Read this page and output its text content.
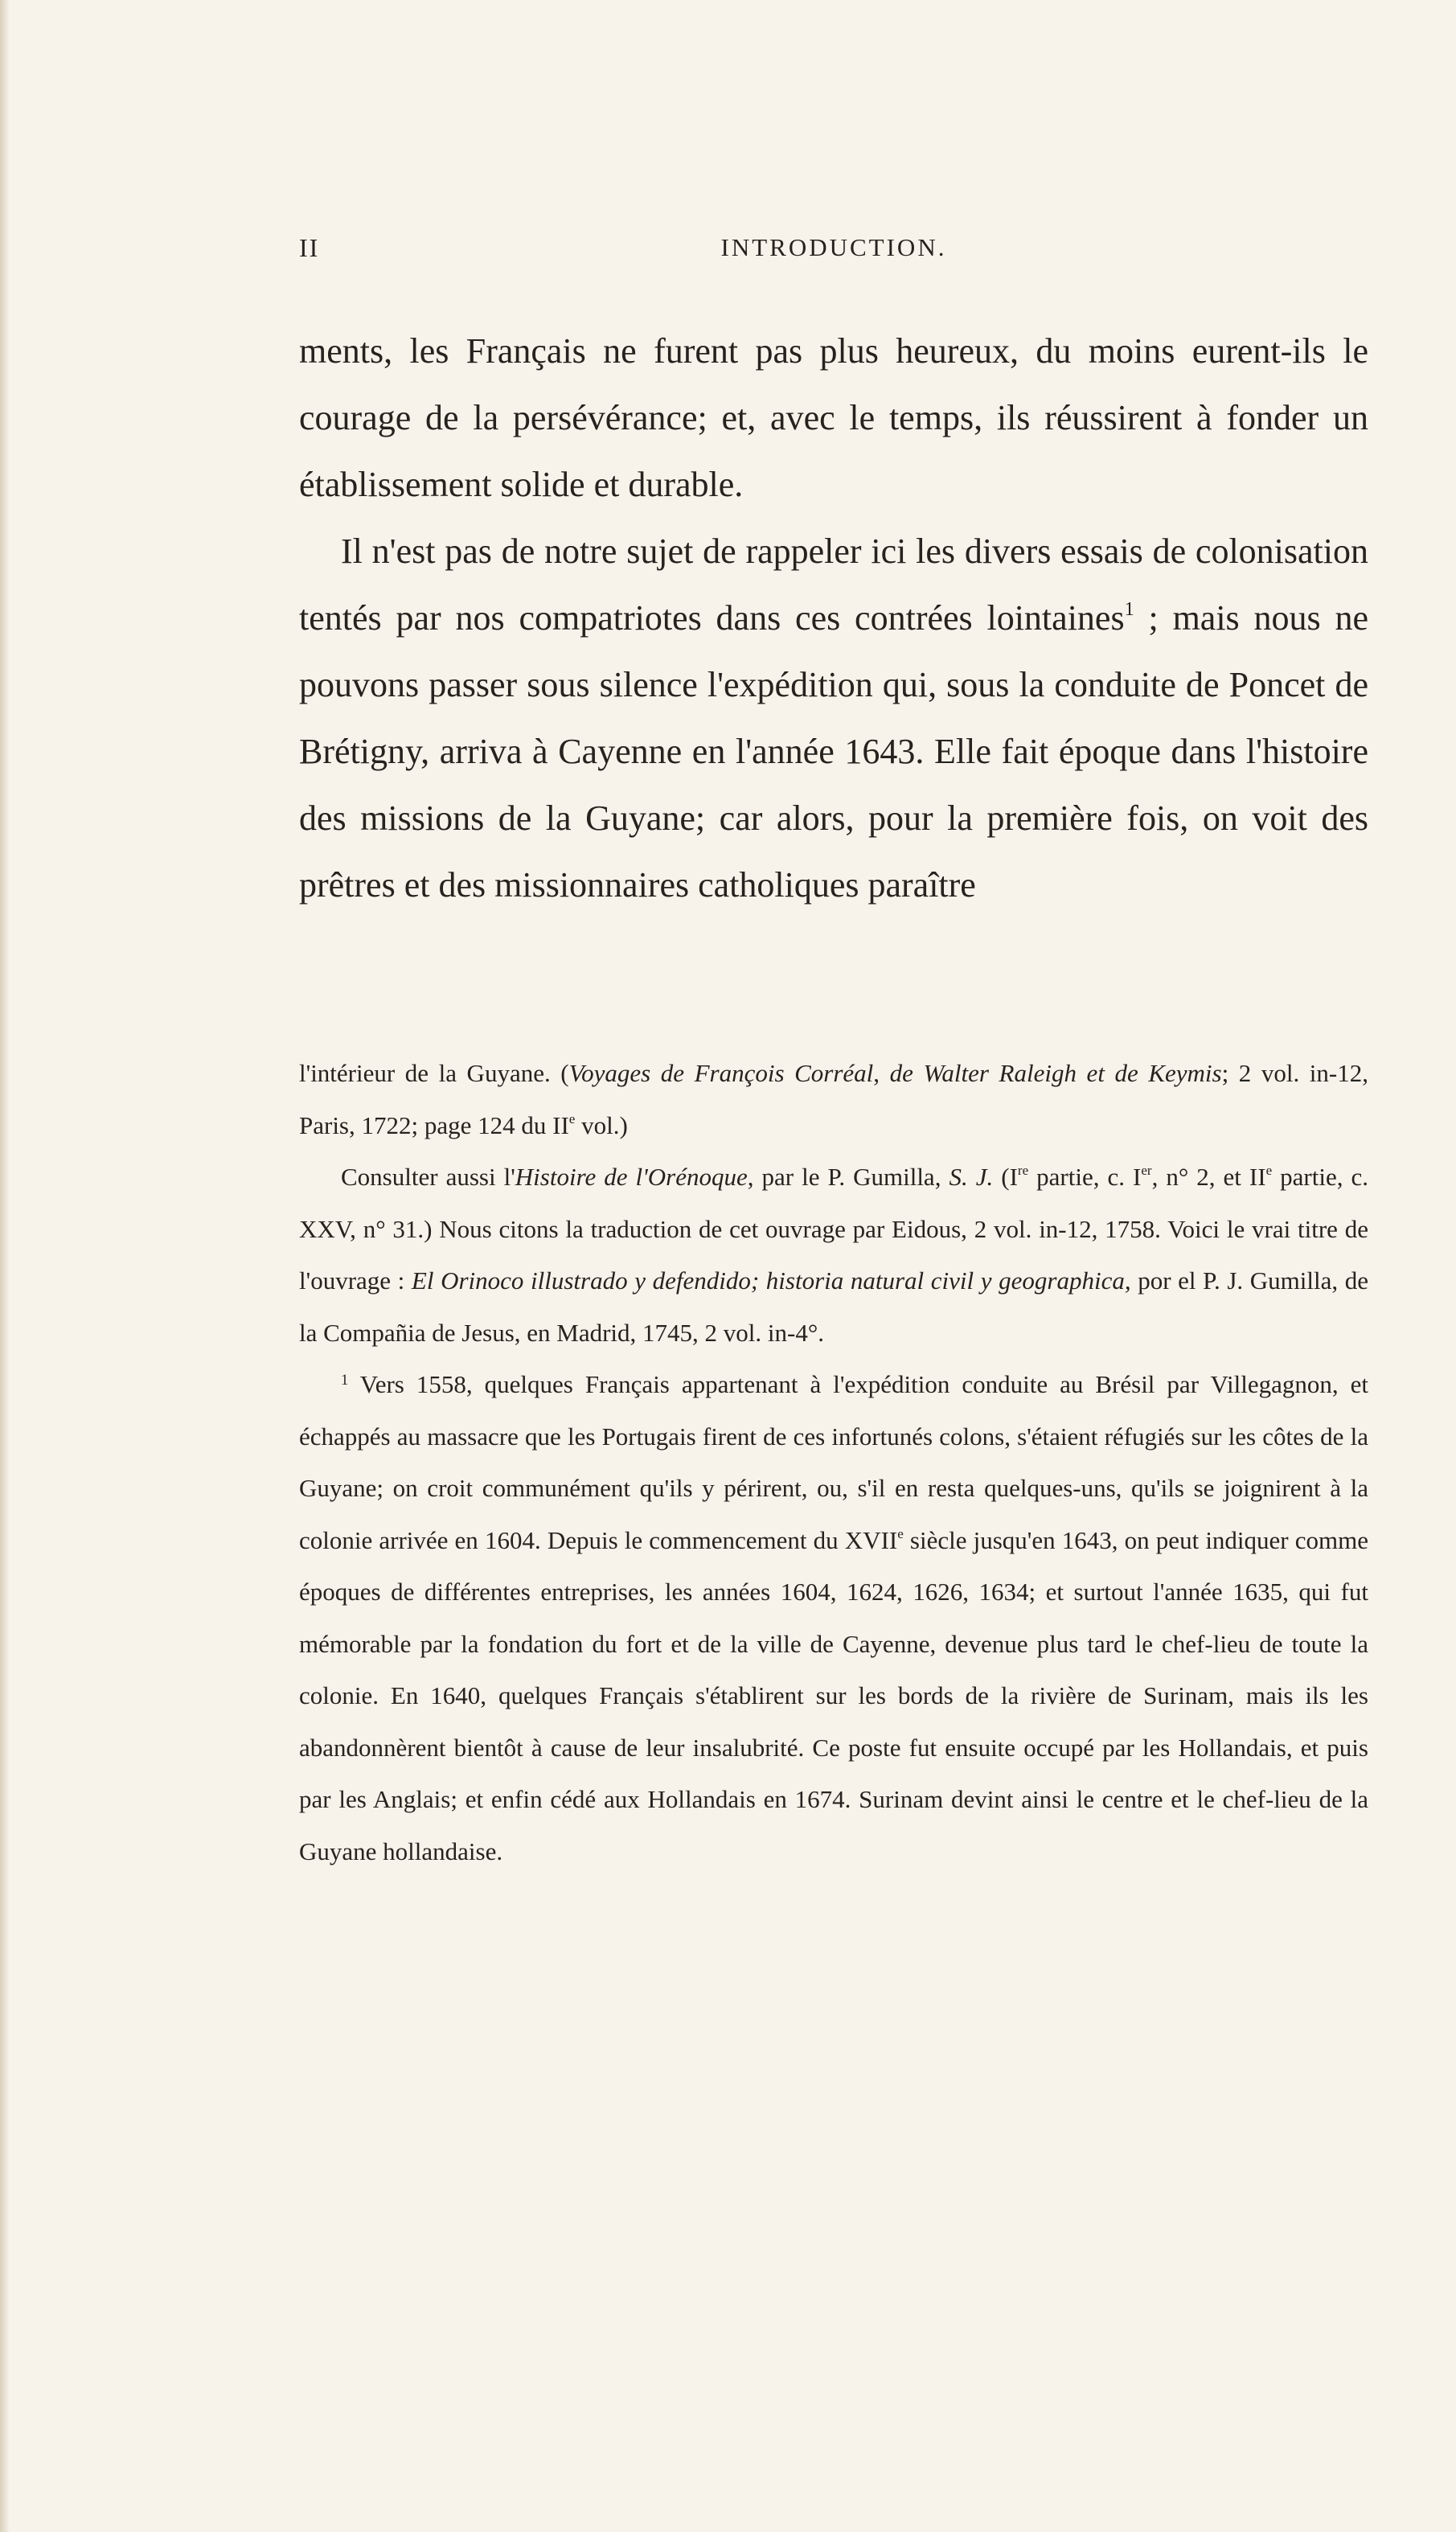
II	INTRODUCTION.

ments, les Français ne furent pas plus heureux, du moins eurent-ils le courage de la persévérance; et, avec le temps, ils réussirent à fonder un établissement solide et durable.

Il n'est pas de notre sujet de rappeler ici les divers essais de colonisation tentés par nos compatriotes dans ces contrées lointaines$^1$ ; mais nous ne pouvons passer sous silence l'expédition qui, sous la conduite de Poncet de Brétigny, arriva à Cayenne en l'année 1643. Elle fait époque dans l'histoire des missions de la Guyane; car alors, pour la première fois, on voit des prêtres et des missionnaires catholiques paraître

l'intérieur de la Guyane. (Voyages de François Corréal, de Walter Raleigh et de Keymis; 2 vol. in-12, Paris, 1722; page 124 du IIe vol.)

Consulter aussi l'Histoire de l'Orénoque, par le P. Gumilla, S. J. (Ire partie, c. Ier, n° 2, et IIe partie, c. XXV, n° 31.) Nous citons la traduction de cet ouvrage par Eidous, 2 vol. in-12, 1758. Voici le vrai titre de l'ouvrage : El Orinoco illustrado y defendido; historia natural civil y geographica, por el P. J. Gumilla, de la Compañia de Jesus, en Madrid, 1745, 2 vol. in-4°.

$^1$ Vers 1558, quelques Français appartenant à l'expédition conduite au Brésil par Villegagnon, et échappés au massacre que les Portugais firent de ces infortunés colons, s'étaient réfugiés sur les côtes de la Guyane; on croit communément qu'ils y périrent, ou, s'il en resta quelques-uns, qu'ils se joignirent à la colonie arrivée en 1604. Depuis le commencement du XVIIe siècle jusqu'en 1643, on peut indiquer comme époques de différentes entreprises, les années 1604, 1624, 1626, 1634; et surtout l'année 1635, qui fut mémorable par la fondation du fort et de la ville de Cayenne, devenue plus tard le chef-lieu de toute la colonie. En 1640, quelques Français s'établirent sur les bords de la rivière de Surinam, mais ils les abandonnèrent bientôt à cause de leur insalubrité. Ce poste fut ensuite occupé par les Hollandais, et puis par les Anglais; et enfin cédé aux Hollandais en 1674. Surinam devint ainsi le centre et le chef-lieu de la Guyane hollandaise.
